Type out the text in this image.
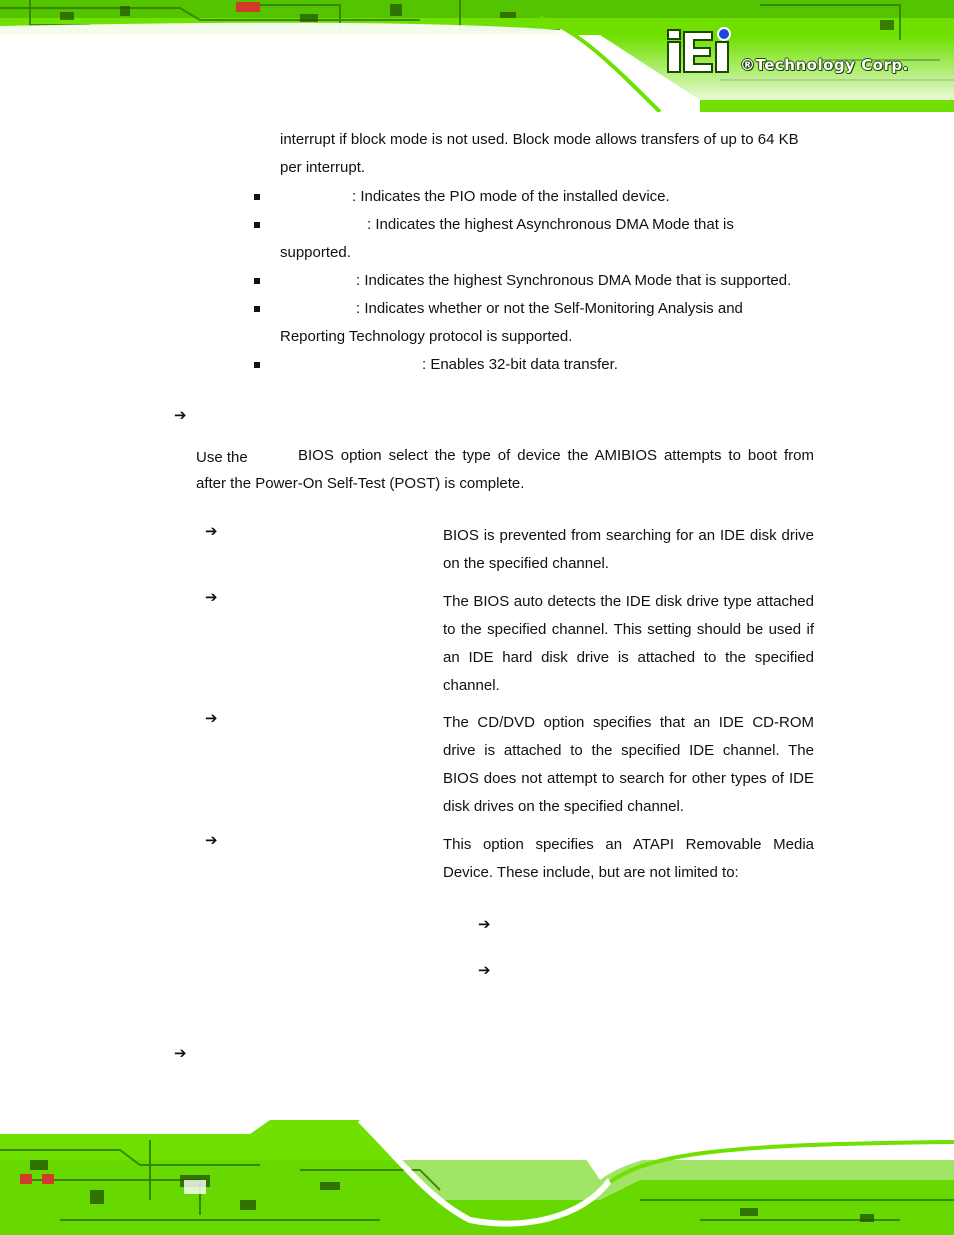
®Technology Corp.
interrupt if block mode is not used. Block mode allows transfers of up to 64 KB
per interrupt.
: Indicates the PIO mode of the installed device.
: Indicates the highest Asynchronous DMA Mode that is
supported.
: Indicates the highest Synchronous DMA Mode that is supported.
: Indicates whether or not the Self-Monitoring Analysis and
Reporting Technology protocol is supported.
: Enables 32-bit data transfer.
➔
Use the	BIOS option select the type of device the AMIBIOS attempts to boot from after the Power-On Self-Test (POST) is complete.
➔	BIOS is prevented from searching for an IDE disk drive on the specified channel.
➔	The BIOS auto detects the IDE disk drive type attached to the specified channel. This setting should be used if an IDE hard disk drive is attached to the specified channel.
➔	The CD/DVD option specifies that an IDE CD-ROM drive is attached to the specified IDE channel. The BIOS does not attempt to search for other types of IDE disk drives on the specified channel.
➔	This option specifies an ATAPI Removable Media Device. These include, but are not limited to:
➔
➔
➔
